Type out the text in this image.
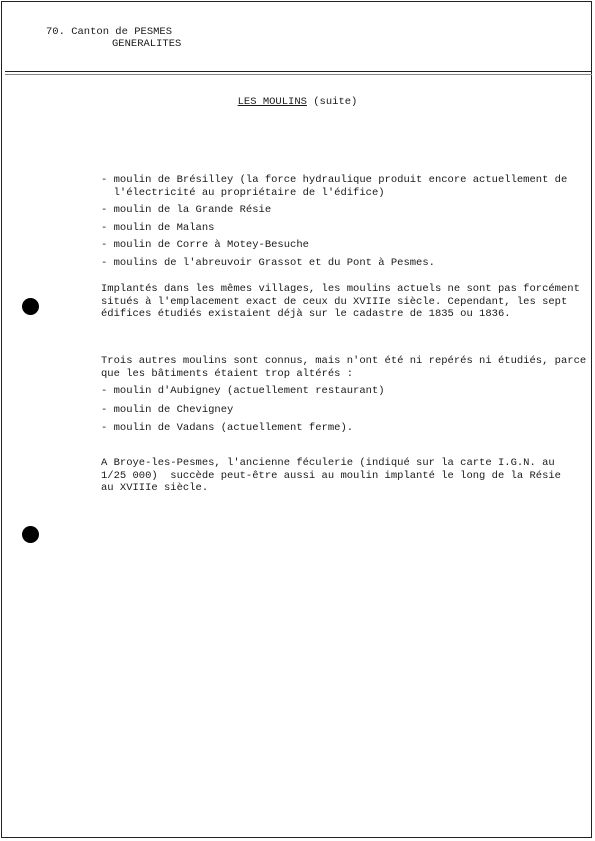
70. Canton de PESMES
GENERALITES
LES MOULINS (suite)
- moulin de Brésilley (la force hydraulique produit encore actuellement de
l'électricité au propriétaire de l'édifice)
- moulin de la Grande Résie
- moulin de Malans
- moulin de Corre à Motey-Besuche
- moulins de l'abreuvoir Grassot et du Pont à Pesmes.
Implantés dans les mêmes villages, les moulins actuels ne sont pas forcément
situés à l'emplacement exact de ceux du XVIIIe siècle. Cependant, les sept
édifices étudiés existaient déjà sur le cadastre de 1835 ou 1836.
Trois autres moulins sont connus, mais n'ont été ni repérés ni étudiés, parce
que les bâtiments étaient trop altérés :
- moulin d'Aubigney (actuellement restaurant)
- moulin de Chevigney
- moulin de Vadans (actuellement ferme).
A Broye-les-Pesmes, l'ancienne féculerie (indiqué sur la carte I.G.N. au
1/25 000)  succède peut-être aussi au moulin implanté le long de la Résie
au XVIIIe siècle.
